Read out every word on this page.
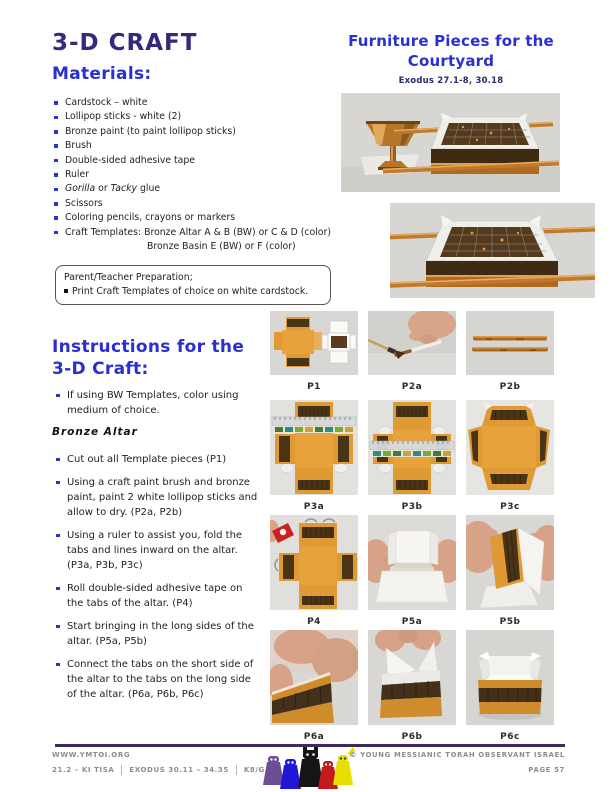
3-D CRAFT
Materials:
Furniture Pieces for the
Courtyard
Exodus 27.1-8, 30.18
Cardstock – white
Lollipop sticks - white (2)
Bronze paint (to paint lollipop sticks)
Brush
Double-sided adhesive tape
Ruler
Gorilla or Tacky glue
Scissors
Coloring pencils, crayons or markers
Craft Templates: Bronze Altar A & B (BW) or C & D (color)
Bronze Basin E (BW) or F (color)
Parent/Teacher Preparation;
Print Craft Templates of choice on white cardstock.
Instructions for the
3-D Craft:
If using BW Templates, color using medium of choice.
Bronze Altar
Cut out all Template pieces (P1)
Using a craft paint brush and bronze paint, paint 2 white lollipop sticks and allow to dry. (P2a, P2b)
Using a ruler to assist you, fold the tabs and lines inward on the altar. (P3a, P3b, P3c)
Roll double-sided adhesive tape on the tabs of the altar. (P4)
Start bringing in the long sides of the altar. (P5a, P5b)
Connect the tabs on the short side of the altar to the tabs on the long side of the altar. (P6a, P6b, P6c)
P1	P2a	P2b
P3a	P3b	P3c
P4	P5a	P5b
P6a	P6b	P6c
WWW.YMTOI.ORG
21.2 – KI TISA EXODUS 30.11 – 34.35 K8/G
© YOUNG MESSIANIC TORAH OBSERVANT ISRAEL
PAGE 57
